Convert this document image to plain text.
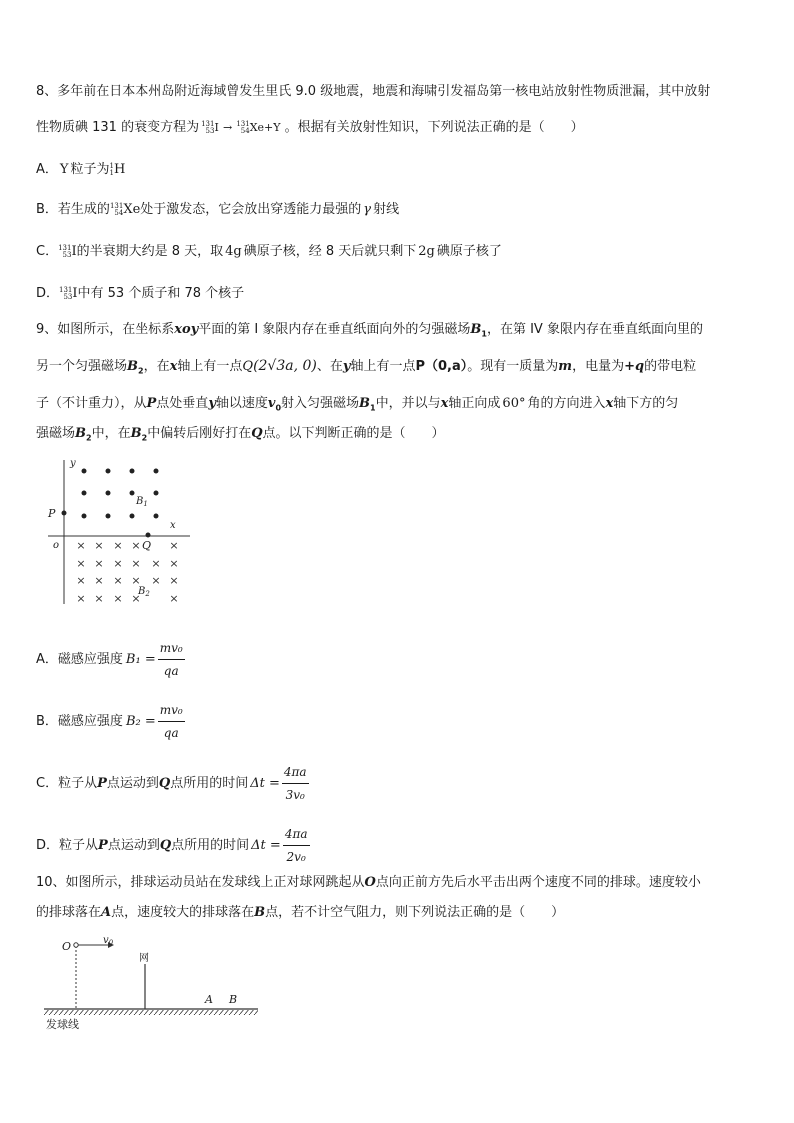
8、多年前在日本本州岛附近海域曾发生里氏 9.0 级地震，地震和海啸引发福岛第一核电站放射性物质泄漏，其中放射
性物质碘 131 的衰变方程为 131
53 I → 131
54 Xe+Y 。根据有关放射性知识，下列说法正确的是（　　）
A． Y 粒子为 1
1 H
B．若生成的 131
54 Xe处于激发态，它会放出穿透能力最强的 γ 射线
C． 131
53 I的半衰期大约是 8 天，取 4g 碘原子核，经 8 天后就只剩下 2g 碘原子核了
D． 131
53 I中有 53 个质子和 78 个核子
9、如图所示，在坐标系xoy平面的第 I 象限内存在垂直纸面向外的匀强磁场$B_1$，在第 IV 象限内存在垂直纸面向里的
另一个匀强磁场$B_2$，在x轴上有一点Q(2√3a, 0)、在y轴上有一点P（0,a）。现有一质量为m，电量为+q的带电粒
子（不计重力），从P点处垂直y轴以速度$v_0$射入匀强磁场$B_1$中，并以与x轴正向成 60° 角的方向进入x轴下方的匀
强磁场$B_2$中，在$B_2$中偏转后刚好打在Q点。以下判断正确的是（　　）
× × × ×	×
× × × × × ×
× × × × × ×
× × × ×	×
y
x
P
o	Q
$B_1$
$B_2$
A．磁感应强度 $B_1 = \frac{\text{mv₀}}{qa}$
B．磁感应强度 $B_2 = \frac{\text{mv₀}}{qa}$
C．粒子从P点运动到Q点所用的时间 $\Delta t = \frac{4\pi a}{\text{3v₀}}$
D．粒子从P点运动到Q点所用的时间 $\Delta t = \frac{4\pi a}{\text{2v₀}}$
10、如图所示，排球运动员站在发球线上正对球网跳起从O点向正前方先后水平击出两个速度不同的排球。速度较小
的排球落在A点，速度较大的排球落在B点，若不计空气阻力，则下列说法正确的是（　　）
O	$v_0$
网
A B
发球线
